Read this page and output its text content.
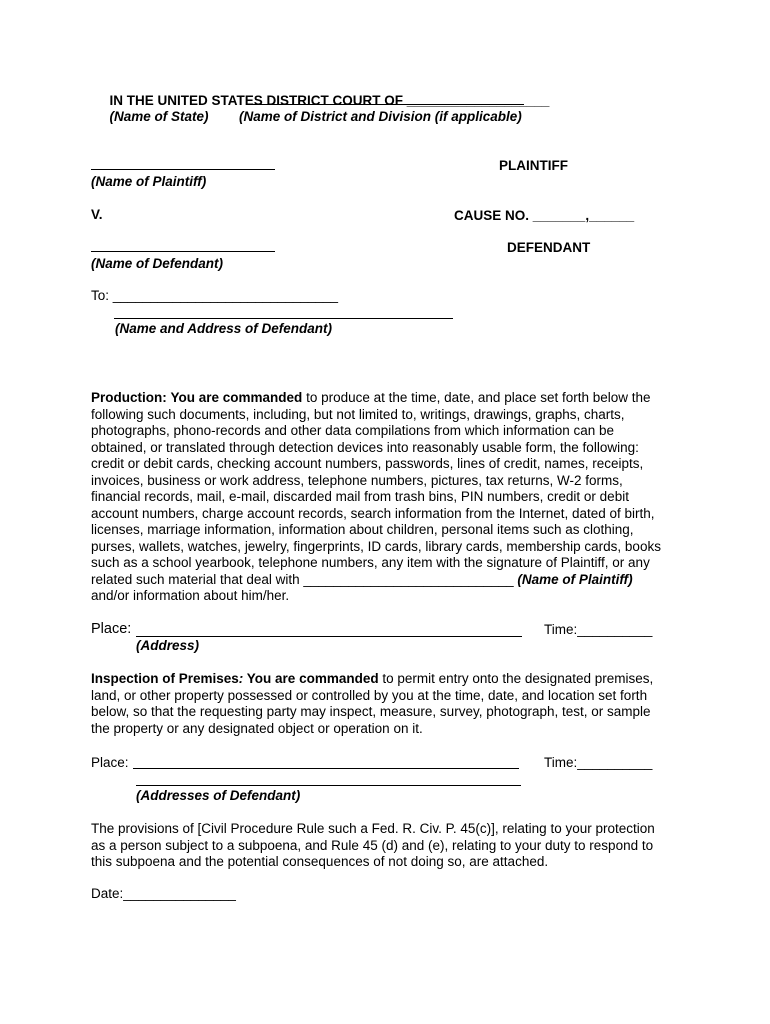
IN THE UNITED STATES DISTRICT COURT OF ___________________
(Name of State)	(Name of District and Division (if applicable)
PLAINTIFF
(Name of Plaintiff)
V.	CAUSE NO. _______,______
DEFENDANT
(Name of Defendant)
To: ______________________________
(Name and Address of Defendant)
Production: You are commanded to produce at the time, date, and place set forth below the
following such documents, including, but not limited to, writings, drawings, graphs, charts,
photographs, phono-records and other data compilations from which information can be
obtained, or translated through detection devices into reasonably usable form, the following:
credit or debit cards, checking account numbers, passwords, lines of credit, names, receipts,
invoices, business or work address, telephone numbers, pictures, tax returns, W-2 forms,
financial records, mail, e-mail, discarded mail from trash bins, PIN numbers, credit or debit
account numbers, charge account records, search information from the Internet, dated of birth,
licenses, marriage information, information about children, personal items such as clothing,
purses, wallets, watches, jewelry, fingerprints, ID cards, library cards, membership cards, books
such as a school yearbook, telephone numbers, any item with the signature of Plaintiff, or any
related such material that deal with ____________________________ (Name of Plaintiff)
and/or information about him/her.
Place:	Time:__________
(Address)
Inspection of Premises: You are commanded to permit entry onto the designated premises,
land, or other property possessed or controlled by you at the time, date, and location set forth
below, so that the requesting party may inspect, measure, survey, photograph, test, or sample
the property or any designated object or operation on it.
Place:	Time:__________
(Addresses of Defendant)
The provisions of [Civil Procedure Rule such a Fed. R. Civ. P. 45(c)], relating to your protection
as a person subject to a subpoena, and Rule 45 (d) and (e), relating to your duty to respond to
this subpoena and the potential consequences of not doing so, are attached.
Date:_______________
